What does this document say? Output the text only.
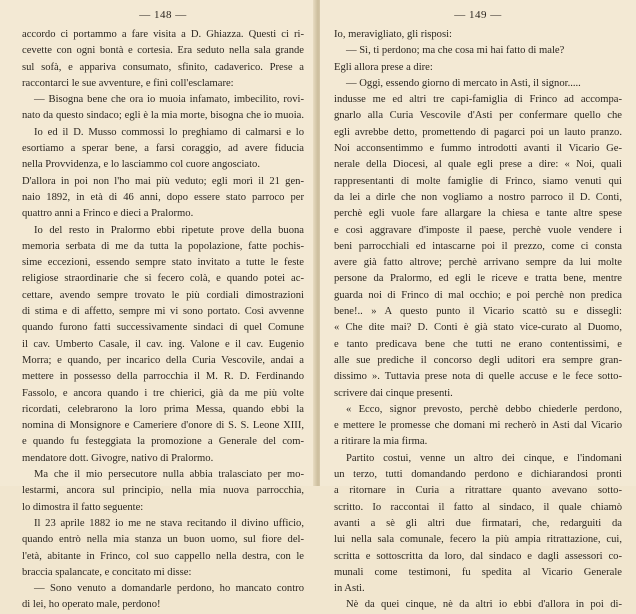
— 148 —
accordo ci portammo a fare visita a D. Ghiazza. Questi ci ri-
cevette con ogni bontà e cortesia. Era seduto nella sala grande
sul sofà, e appariva consumato, sfinito, cadaverico. Prese a
raccontarci le sue avventure, e finì coll'esclamare:
— Bisogna bene che ora io muoia infamato, imbecilito, rovi-
nato da questo sindaco; egli è la mia morte, bisogna che io muoia.
Io ed il D. Musso commossi lo preghiamo di calmarsi e lo
esortiamo a sperar bene, a farsi coraggio, ad avere fiducia
nella Provvidenza, e lo lasciammo col cuore angosciato.
D'allora in poi non l'ho mai più veduto; egli morì il 21 gen-
naio 1892, in età di 46 anni, dopo essere stato parroco per
quattro anni a Frinco e dieci a Pralormo.
Io del resto in Pralormo ebbi ripetute prove della buona
memoria serbata di me da tutta la popolazione, fatte pochis-
sime eccezioni, essendo sempre stato invitato a tutte le feste
religiose straordinarie che si fecero colà, e quando potei ac-
cettare, avendo sempre trovato le più cordiali dimostrazioni
di stima e di affetto, sempre mi vi sono portato. Così avvenne
quando furono fatti successivamente sindaci di quel Comune
il cav. Umberto Casale, il cav. ing. Valone e il cav. Eugenio
Morra; e quando, per incarico della Curia Vescovile, andai a
mettere in possesso della parrocchia il M. R. D. Ferdinando
Fassolo, e ancora quando i tre chierici, già da me più volte
ricordati, celebrarono la loro prima Messa, quando ebbi la
nomina di Monsignore e Cameriere d'onore di S. S. Leone XIII,
e quando fu festeggiata la promozione a Generale del com-
mendatore dott. Givogre, nativo di Pralormo.
Ma che il mio persecutore nulla abbia tralasciato per mo-
lestarmi, ancora sul principio, nella mia nuova parrocchia,
lo dimostra il fatto seguente:
Il 23 aprile 1882 io me ne stava recitando il divino ufficio,
quando entrò nella mia stanza un buon uomo, sul fiore del-
l'età, abitante in Frinco, col suo cappello nella destra, con le
braccia spalancate, e concitato mi disse:
— Sono venuto a domandarle perdono, ho mancato contro
di lei, ho operato male, perdono!
— 149 —
Io, meravigliato, gli risposi:
— Sì, ti perdono; ma che cosa mi hai fatto di male?
Egli allora prese a dire:
— Oggi, essendo giorno di mercato in Asti, il signor.....
indusse me ed altri tre capi-famiglia di Frinco ad accompa-
gnarlo alla Curia Vescovile d'Asti per confermare quello che
egli avrebbe detto, promettendo di pagarci poi un lauto pranzo.
Noi acconsentimmo e fummo introdotti avanti il Vicario Ge-
nerale della Diocesi, al quale egli prese a dire: « Noi, quali
rappresentanti di molte famiglie di Frinco, siamo venuti qui
da lei a dirle che non vogliamo a nostro parroco il D. Conti,
perchè egli vuole fare allargare la chiesa e tante altre spese
e così aggravare d'imposte il paese, perchè vuole vendere i
beni parrocchiali ed intascarne poi il prezzo, come ci consta
avere già fatto altrove; perchè arrivano sempre da lui molte
persone da Pralormo, ed egli le riceve e tratta bene, mentre
guarda noi di Frinco di mal occhio; e poi perchè non predica
bene!.. » A questo punto il Vicario scattò su e dissegli:
« Che dite mai? D. Conti è già stato vice-curato al Duomo,
e tanto predicava bene che tutti ne erano contentissimi, e
alle sue prediche il concorso degli uditori era sempre gran-
dissimo ». Tuttavia prese nota di quelle accuse e le fece sotto-
scrivere dai cinque presenti.
« Ecco, signor prevosto, perchè debbo chiederle perdono,
e mettere le promesse che domani mi recherò in Asti dal Vicario
a ritirare la mia firma.
Partito costui, venne un altro dei cinque, e l'indomani
un terzo, tutti domandando perdono e dichiarandosi pronti
a ritornare in Curia a ritrattare quanto avevano sotto-
scritto. Io raccontai il fatto al sindaco, il quale chiamò
avanti a sè gli altri due firmatari, che, redarguiti da
lui nella sala comunale, fecero la più ampia ritrattazione, cui,
scritta e sottoscritta da loro, dal sindaco e dagli assessori co-
munali come testimoni, fu spedita al Vicario Generale
in Asti.
Nè da quei cinque, nè da altri io ebbi d'allora in poi di-
